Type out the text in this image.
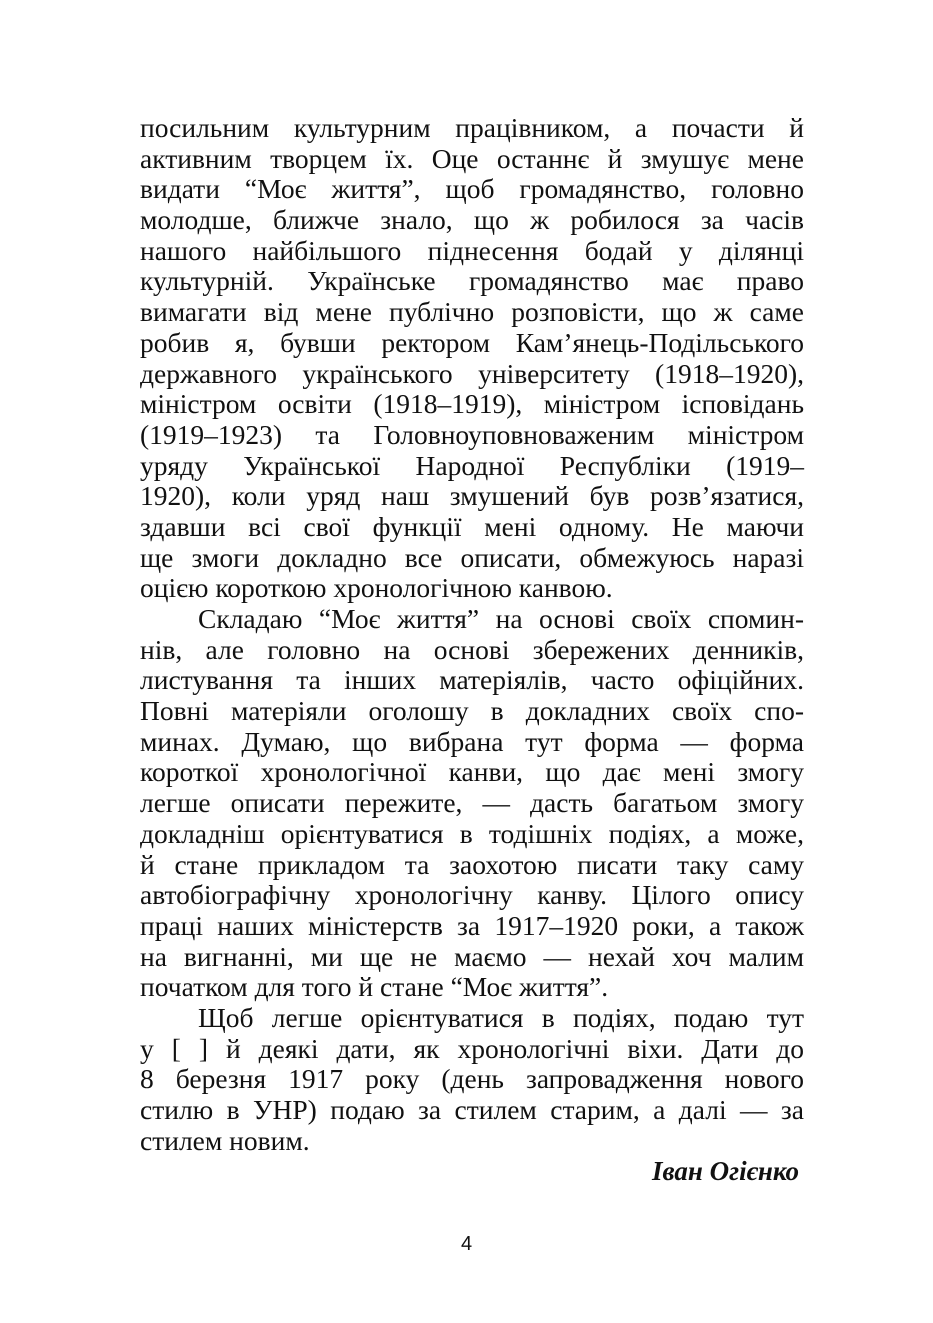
посильним культурним працівником, а почасти й
активним творцем їх. Оце останнє й змушує мене
видати “Моє життя”, щоб громадянство, головно
молодше, ближче знало, що ж робилося за часів
нашого найбільшого піднесення бодай у ділянці
культурній. Українське громадянство має право
вимагати від мене публічно розповісти, що ж саме
робив я, бувши ректором Кам’янець-Подільського
державного українського університету (1918–1920),
міністром освіти (1918–1919), міністром ісповідань
(1919–1923) та Головноуповноваженим міністром
уряду Української Народної Республіки (1919–
1920), коли уряд наш змушений був розв’язатися,
здавши всі свої функції мені одному. Не маючи
ще змоги докладно все описати, обмежуюсь наразі
оцією короткою хронологічною канвою.

Складаю “Моє життя” на основі своїх спомин-
нів, але головно на основі збережених денників,
листування та інших матеріялів, часто офіційних.
Повні матеріяли оголошу в докладних своїх спо-
минах. Думаю, що вибрана тут форма — форма
короткої хронологічної канви, що дає мені змогу
легше описати пережите, — дасть багатьом змогу
докладніш орієнтуватися в тодішніх подіях, а може,
й стане прикладом та заохотою писати таку саму
автобіографічну хронологічну канву. Цілого опису
праці наших міністерств за 1917–1920 роки, а також
на вигнанні, ми ще не маємо — нехай хоч малим
початком для того й стане “Моє життя”.

Щоб легше орієнтуватися в подіях, подаю тут
у [ ] й деякі дати, як хронологічні віхи. Дати до
8 березня 1917 року (день запровадження нового
стилю в УНР) подаю за стилем старим, а далі — за
стилем новим.

Іван Огієнко
4
